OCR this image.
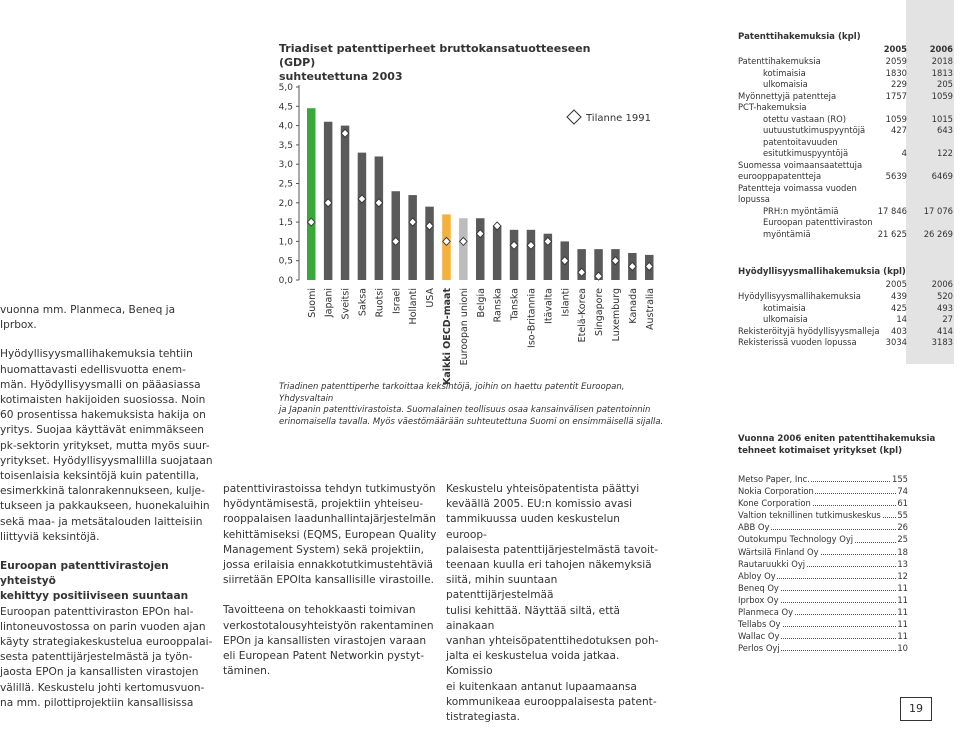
vuonna mm. Planmeca, Beneq ja Iprbox.

Hyödyllisyysmallihakemuksia tehtiin
huomattavasti edellisvuotta enem-
män. Hyödyllisyysmalli on pääasiassa
kotimaisten hakijoiden suosiossa. Noin
60 prosentissa hakemuksista hakija on
yritys. Suojaa käyttävät enimmäkseen
pk-sektorin yritykset, mutta myös suur-
yritykset. Hyödyllisyysmallilla suojataan
toisenlaisia keksintöjä kuin patentilla,
esimerkkinä talonrakennukseen, kulje-
tukseen ja pakkaukseen, huonekaluihin
sekä maa- ja metsätalouden laitteisiin
liittyviä keksintöjä.

Euroopan patenttivirastojen yhteistyö
kehittyy positiiviseen suuntaan

Euroopan patenttiviraston EPOn hal-
lintoneuvostossa on parin vuoden ajan
käyty strategiakeskustelua eurooppalai-
sesta patenttijärjestelmästä ja työn-
jaosta EPOn ja kansallisten virastojen
välillä. Keskustelu johti kertomusvuon-
na mm. pilottiprojektiin kansallisissa

Triadiset patenttiperheet bruttokansatuotteeseen (GDP)
suhteutettuna 2003
5,0
4,5
4,0
3,5
3,0
2,5
2,0
1,5
1,0
0,5
0,0
Suomi Japani Sveitsi Saksa Ruotsi Israel Hollanti USA Kaikki OECD-maat Euroopan unioni Belgia Ranska Tanska Iso-Britannia Itävalta Islanti Etelä-Korea Singapore Luxemburg Kanada Australia
Tilanne 1991
Triadinen patenttiperhe tarkoittaa keksintöjä, joihin on haettu patentit Euroopan, Yhdysvaltain
ja Japanin patenttivirastoista. Suomalainen teollisuus osaa kansainvälisen patentoinnin
erinomaisella tavalla. Myös väestömäärään suhteutettuna Suomi on ensimmäisellä sijalla.

patenttivirastoissa tehdyn tutkimustyön
hyödyntämisestä, projektiin yhteiseu-
rooppalaisen laadunhallintajärjestelmän
kehittämiseksi (EQMS, European Quality
Management System) sekä projektiin,
jossa erilaisia ennakkotutkimustehtäviä
siirretään EPOlta kansallisille virastoille.

Tavoitteena on tehokkaasti toimivan
verkostotalousyhteistyön rakentaminen
EPOn ja kansallisten virastojen varaan
eli European Patent Networkin pystyt-
täminen.

Keskustelu yhteisöpatentista päättyi
keväällä 2005. EU:n komissio avasi
tammikuussa uuden keskustelun euroop-
palaisesta patenttijärjestelmästä tavoit-
teenaan kuulla eri tahojen näkemyksiä
siitä, mihin suuntaan patenttijärjestelmää
tulisi kehittää. Näyttää siltä, että ainakaan
vanhan yhteisöpatenttihedotuksen poh-
jalta ei keskustelua voida jatkaa. Komissio
ei kuitenkaan antanut lupaamaansa
kommunikeaa eurooppalaisesta patent-
tistrategiasta.

Patenttihakemuksia (kpl)
2005	2006
Patenttihakemuksia	2059	2018
kotimaisia	1830	1813
ulkomaisia	229	205
Myönnettyjä patentteja	1757	1059
PCT-hakemuksia
otettu vastaan (RO)	1059	1015
uutuustutkimuspyyntöjä	427	643
patentoitavuuden
esitutkimuspyyntöjä	4	122
Suomessa voimaansaatettuja
eurooppapatentteja	5639	6469
Patentteja voimassa vuoden
lopussa
PRH:n myöntämiä	17 846	17 076
Euroopan patenttiviraston
myöntämiä	21 625	26 269
Hyödyllisyysmallihakemuksia (kpl)
2005	2006
Hyödyllisyysmallihakemuksia	439	520
kotimaisia	425	493
ulkomaisia	14	27
Rekisteröityjä hyödyllisyysmalleja 403	414
Rekisterissä vuoden lopussa	3034	3183
Vuonna 2006 eniten patenttihakemuksia
tehneet kotimaiset yritykset (kpl)
Metso Paper, Inc.	155
Nokia Corporation	74
Kone Corporation	61
Valtion teknillinen tutkimuskeskus 55
ABB Oy	26
Outokumpu Technology Oyj	25
Wärtsilä Finland Oy	18
Rautaruukki Oyj	13
Abloy Oy	12
Beneq Oy	11
Iprbox Oy	11
Planmeca Oy	11
Tellabs Oy	11
Wallac Oy	11
Perlos Oyj	10
19
